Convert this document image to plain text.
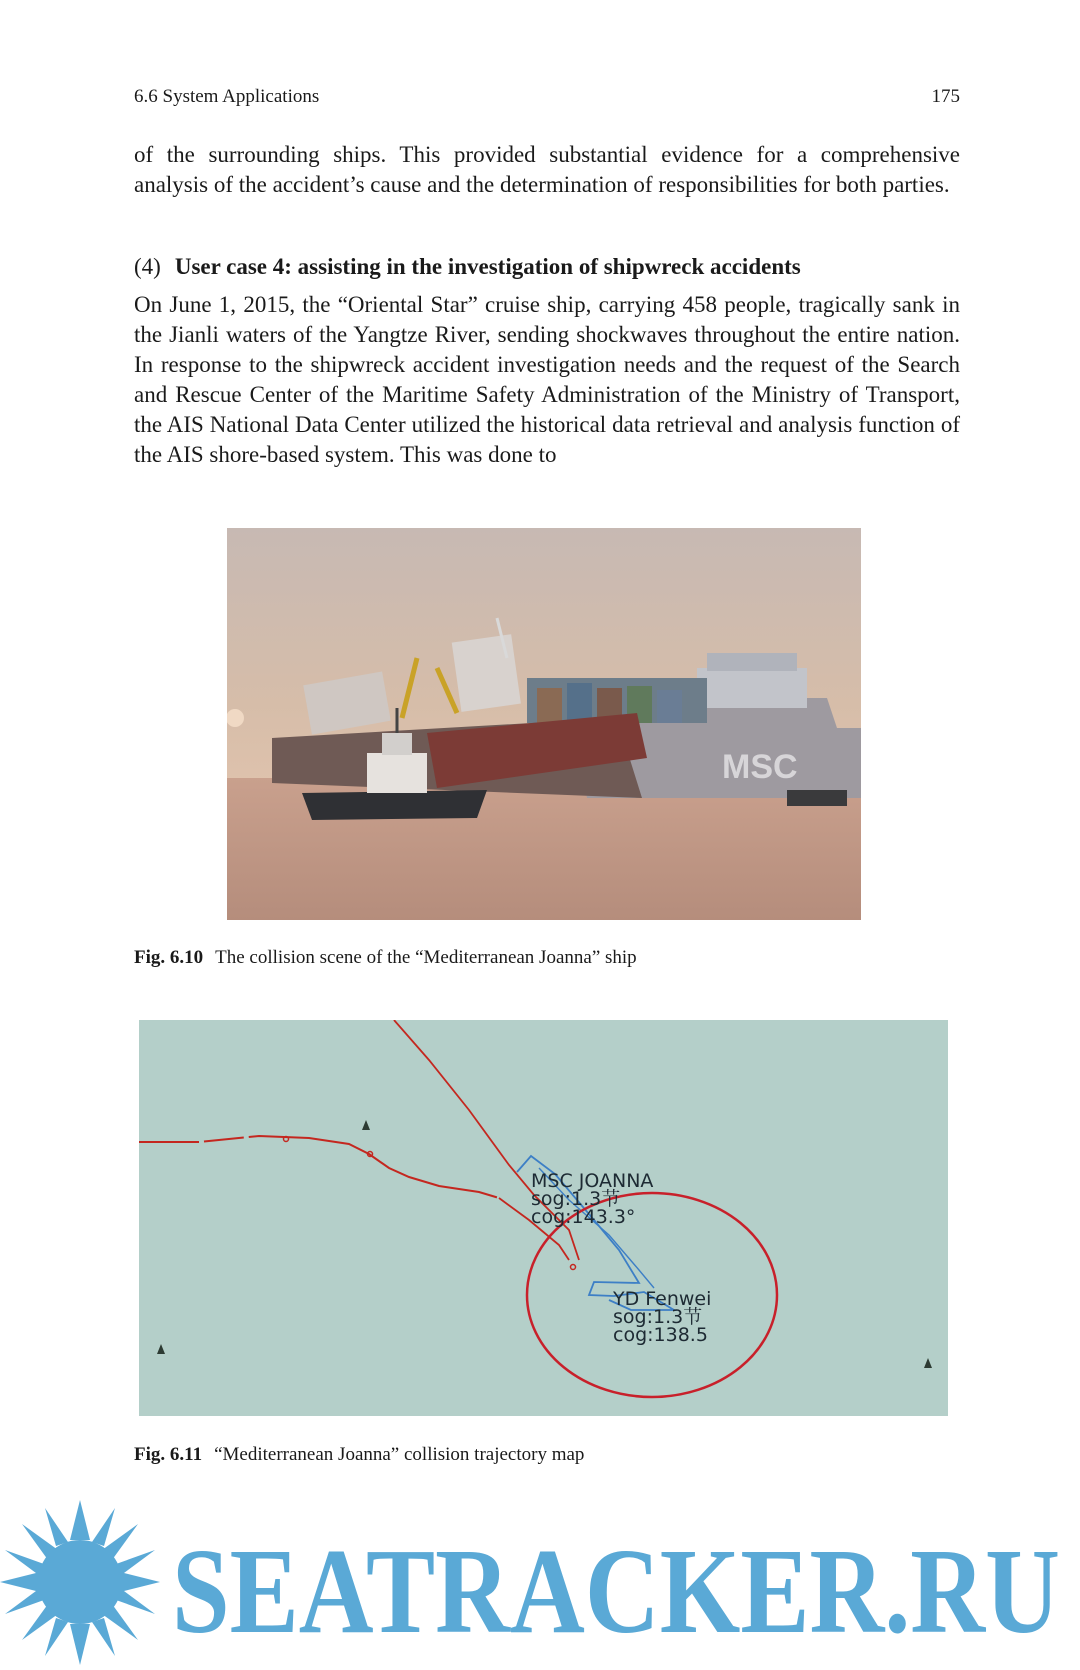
6.6 System Applications	175

of the surrounding ships. This provided substantial evidence for a comprehensive analysis of the accident’s cause and the determination of responsibilities for both parties.

(4) User case 4: assisting in the investigation of shipwreck accidents

On June 1, 2015, the “Oriental Star” cruise ship, carrying 458 people, tragically sank in the Jianli waters of the Yangtze River, sending shockwaves throughout the entire nation. In response to the shipwreck accident investigation needs and the request of the Search and Rescue Center of the Maritime Safety Administration of the Ministry of Transport, the AIS National Data Center utilized the historical data retrieval and analysis function of the AIS shore-based system. This was done to

MSC
Fig. 6.10 The collision scene of the “Mediterranean Joanna” ship
MSC JOANNA
sog:1.3节
cog:143.3°
YD Fenwei
sog:1.3节
cog:138.5
Fig. 6.11 “Mediterranean Joanna” collision trajectory map
SEATRACKER.RU
